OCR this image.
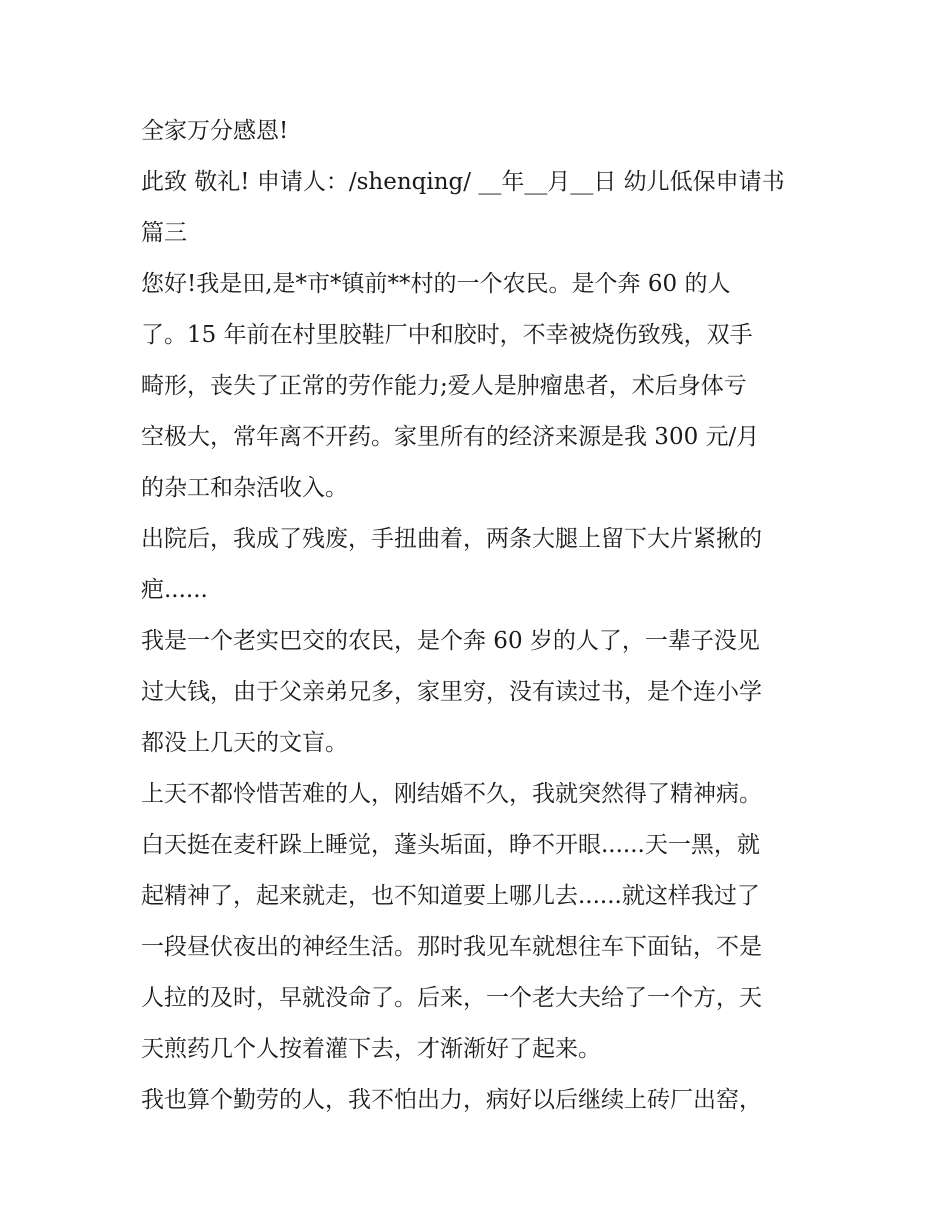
全家万分感恩!
此致 敬礼! 申请人：/shenqing/ __年__月__日 幼儿低保申请书
篇三
您好!我是田,是*市*镇前**村的一个农民。是个奔 60 的人
了。15 年前在村里胶鞋厂中和胶时，不幸被烧伤致残，双手
畸形，丧失了正常的劳作能力;爱人是肿瘤患者，术后身体亏
空极大，常年离不开药。家里所有的经济来源是我 300 元/月
的杂工和杂活收入。
出院后，我成了残废，手扭曲着，两条大腿上留下大片紧揪的
疤......
我是一个老实巴交的农民，是个奔 60 岁的人了，一辈子没见
过大钱，由于父亲弟兄多，家里穷，没有读过书，是个连小学
都没上几天的文盲。
上天不都怜惜苦难的人，刚结婚不久，我就突然得了精神病。
白天挺在麦秆跺上睡觉，蓬头垢面，睁不开眼......天一黑，就
起精神了，起来就走，也不知道要上哪儿去......就这样我过了
一段昼伏夜出的神经生活。那时我见车就想往车下面钻，不是
人拉的及时，早就没命了。后来，一个老大夫给了一个方，天
天煎药几个人按着灌下去，才渐渐好了起来。
我也算个勤劳的人，我不怕出力，病好以后继续上砖厂出窑，
